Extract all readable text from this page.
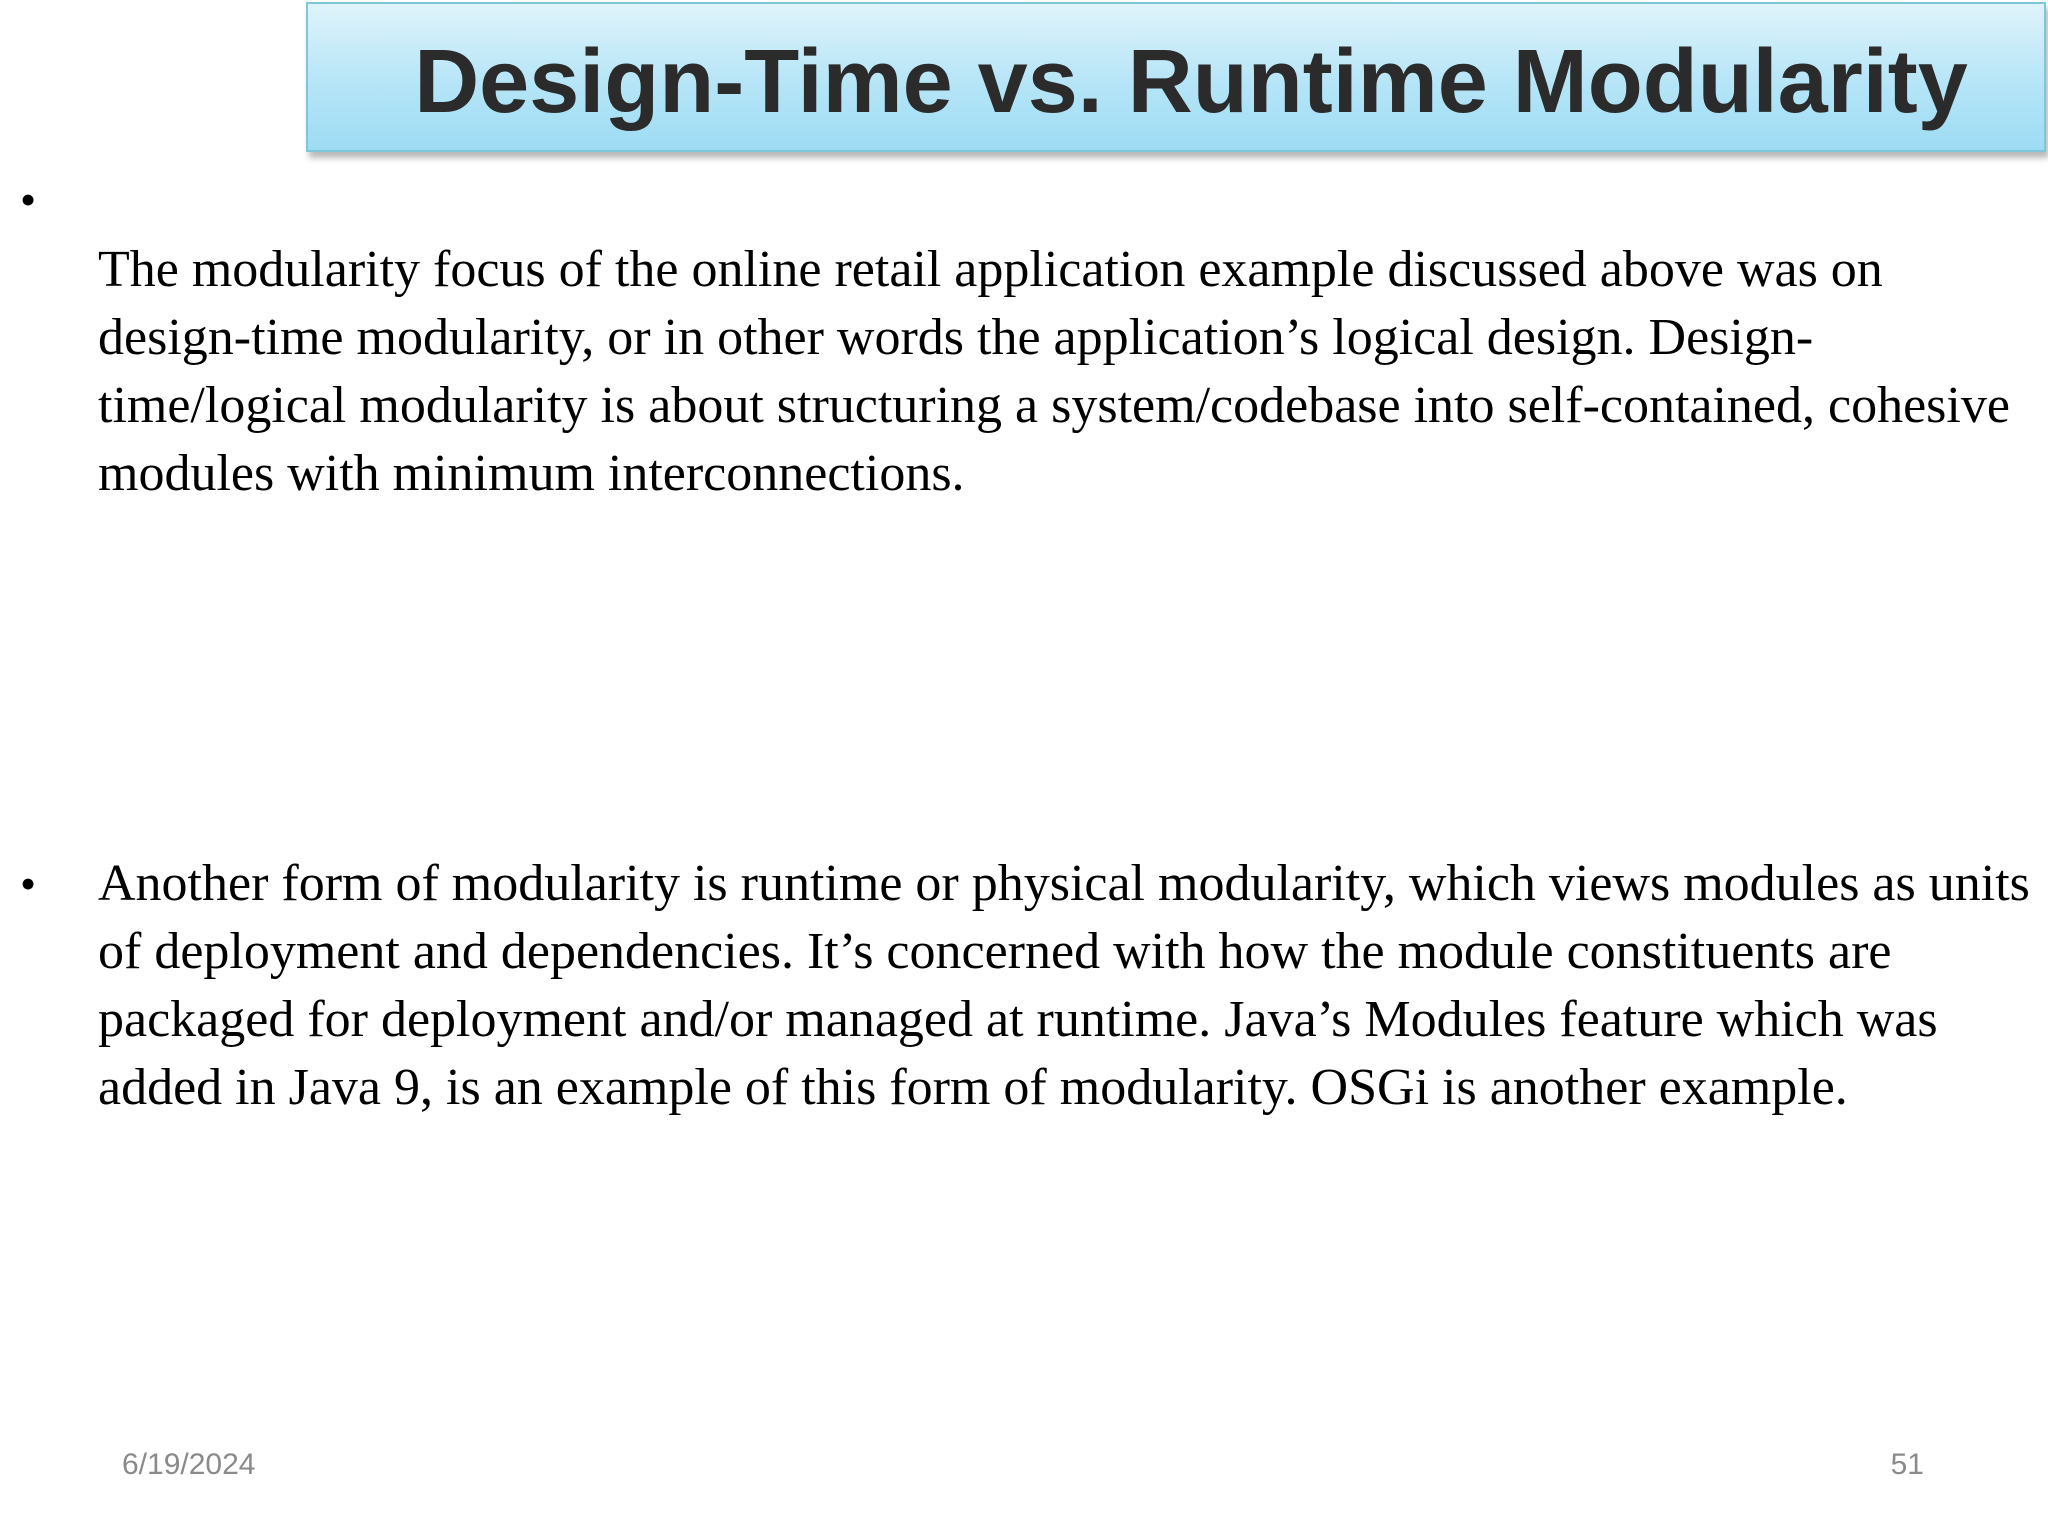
Design-Time vs. Runtime Modularity
•
The modularity focus of the online retail application example discussed above was on design-time modularity, or in other words the application’s logical design. Design-time/logical modularity is about structuring a system/codebase into self-contained, cohesive modules with minimum interconnections.
• Another form of modularity is runtime or physical modularity, which views modules as units of deployment and dependencies. It’s concerned with how the module constituents are packaged for deployment and/or managed at runtime. Java’s Modules feature which was added in Java 9, is an example of this form of modularity. OSGi is another example.
6/19/2024	51
